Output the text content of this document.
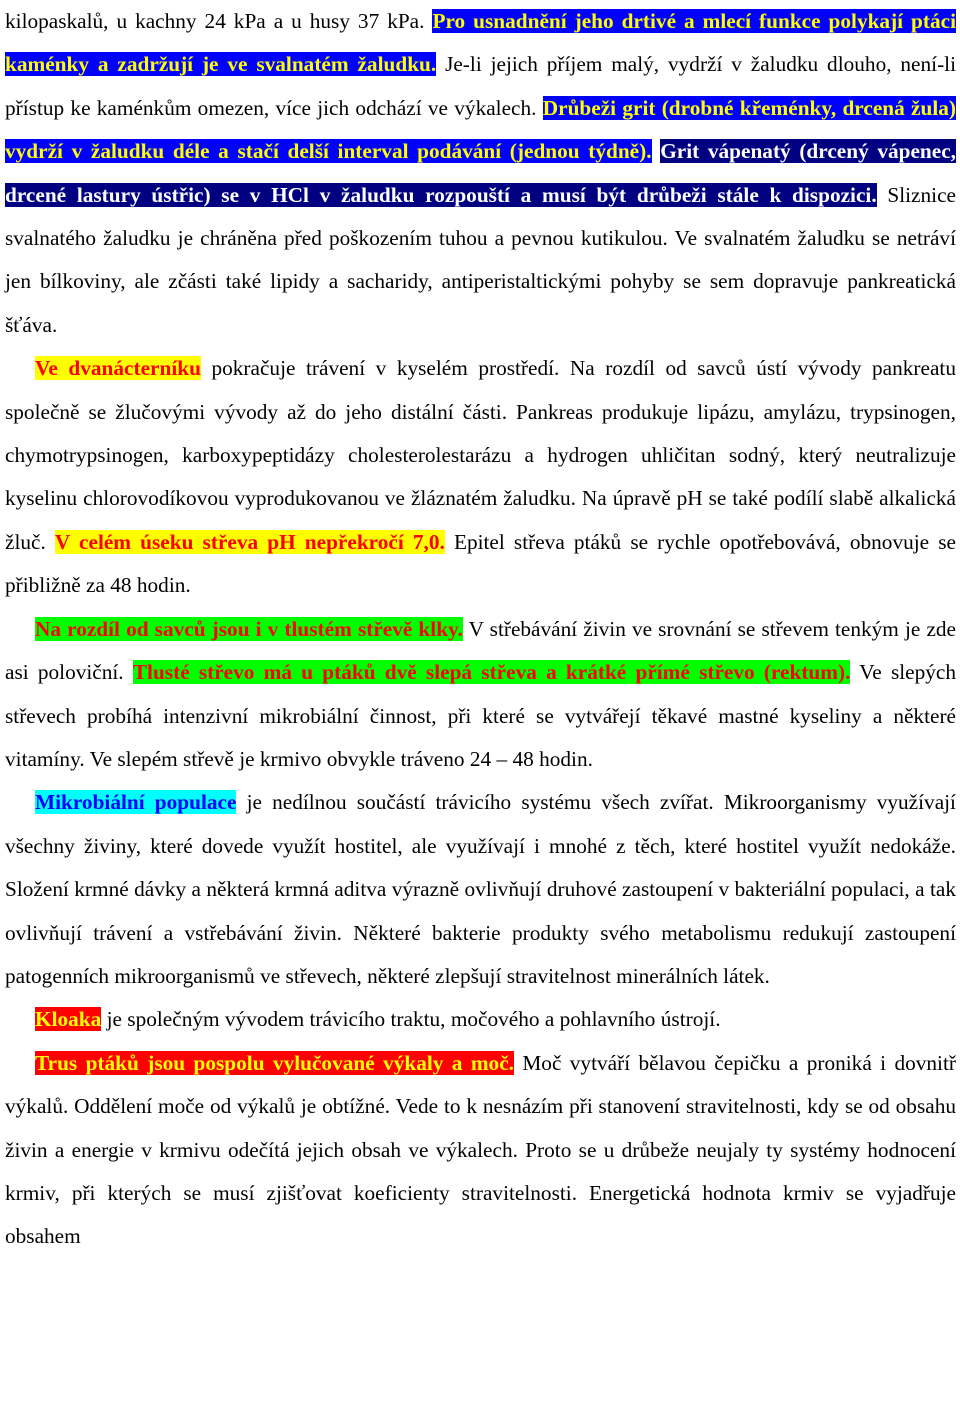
kilopaskalů, u kachny 24 kPa a u husy 37 kPa. Pro usnadnění jeho drtivé a mlecí funkce polykají ptáci kaménky a zadržují je ve svalnatém žaludku. Je-li jejich příjem malý, vydrží v žaludku dlouho, není-li přístup ke kaménkům omezen, více jich odchází ve výkalech. Drůbeži grit (drobné křeménky, drcená žula) vydrží v žaludku déle a stačí delší interval podávání (jednou týdně). Grit vápenatý (drcený vápenec, drcené lastury ústřic) se v HCl v žaludku rozpouští a musí být drůbeži stále k dispozici. Sliznice svalnatého žaludku je chráněna před poškozením tuhou a pevnou kutikulou. Ve svalnatém žaludku se netráví jen bílkoviny, ale zčásti také lipidy a sacharidy, antiperistaltickými pohyby se sem dopravuje pankreatická šťáva.

Ve dvanácterníku pokračuje trávení v kyselém prostředí. Na rozdíl od savců ústí vývody pankreatu společně se žlučovými vývody až do jeho distální části. Pankreas produkuje lipázu, amylázu, trypsinogen, chymotrypsinogen, karboxypeptidázy cholesterolestarázu a hydrogen uhličitan sodný, který neutralizuje kyselinu chlorovodíkovou vyprodukovanou ve žláznatém žaludku. Na úpravě pH se také podílí slabě alkalická žluč. V celém úseku střeva pH nepřekročí 7,0. Epitel střeva ptáků se rychle opotřebovává, obnovuje se přibližně za 48 hodin.

Na rozdíl od savců jsou i v tlustém střevě klky. V střebávání živin ve srovnání se střevem tenkým je zde asi poloviční. Tlusté střevo má u ptáků dvě slepá střeva a krátké přímé střevo (rektum). Ve slepých střevech probíhá intenzivní mikrobiální činnost, při které se vytvářejí těkavé mastné kyseliny a některé vitamíny. Ve slepém střevě je krmivo obvykle tráveno 24 – 48 hodin.

Mikrobiální populace je nedílnou součástí trávicího systému všech zvířat. Mikroorganismy využívají všechny živiny, které dovede využít hostitel, ale využívají i mnohé z těch, které hostitel využít nedokáže. Složení krmné dávky a některá krmná aditva výrazně ovlivňují druhové zastoupení v bakteriální populaci, a tak ovlivňují trávení a vstřebávání živin. Některé bakterie produkty svého metabolismu redukují zastoupení patogenních mikroorganismů ve střevech, některé zlepšují stravitelnost minerálních látek.

Kloaka je společným vývodem trávicího traktu, močového a pohlavního ústrojí.

Trus ptáků jsou pospolu vylučované výkaly a moč. Moč vytváří bělavou čepičku a proniká i dovnitř výkalů. Oddělení moče od výkalů je obtížné. Vede to k nesnázím při stanovení stravitelnosti, kdy se od obsahu živin a energie v krmivu odečítá jejich obsah ve výkalech. Proto se u drůbeže neujaly ty systémy hodnocení krmiv, při kterých se musí zjišťovat koeficienty stravitelnosti. Energetická hodnota krmiv se vyjadřuje obsahem
